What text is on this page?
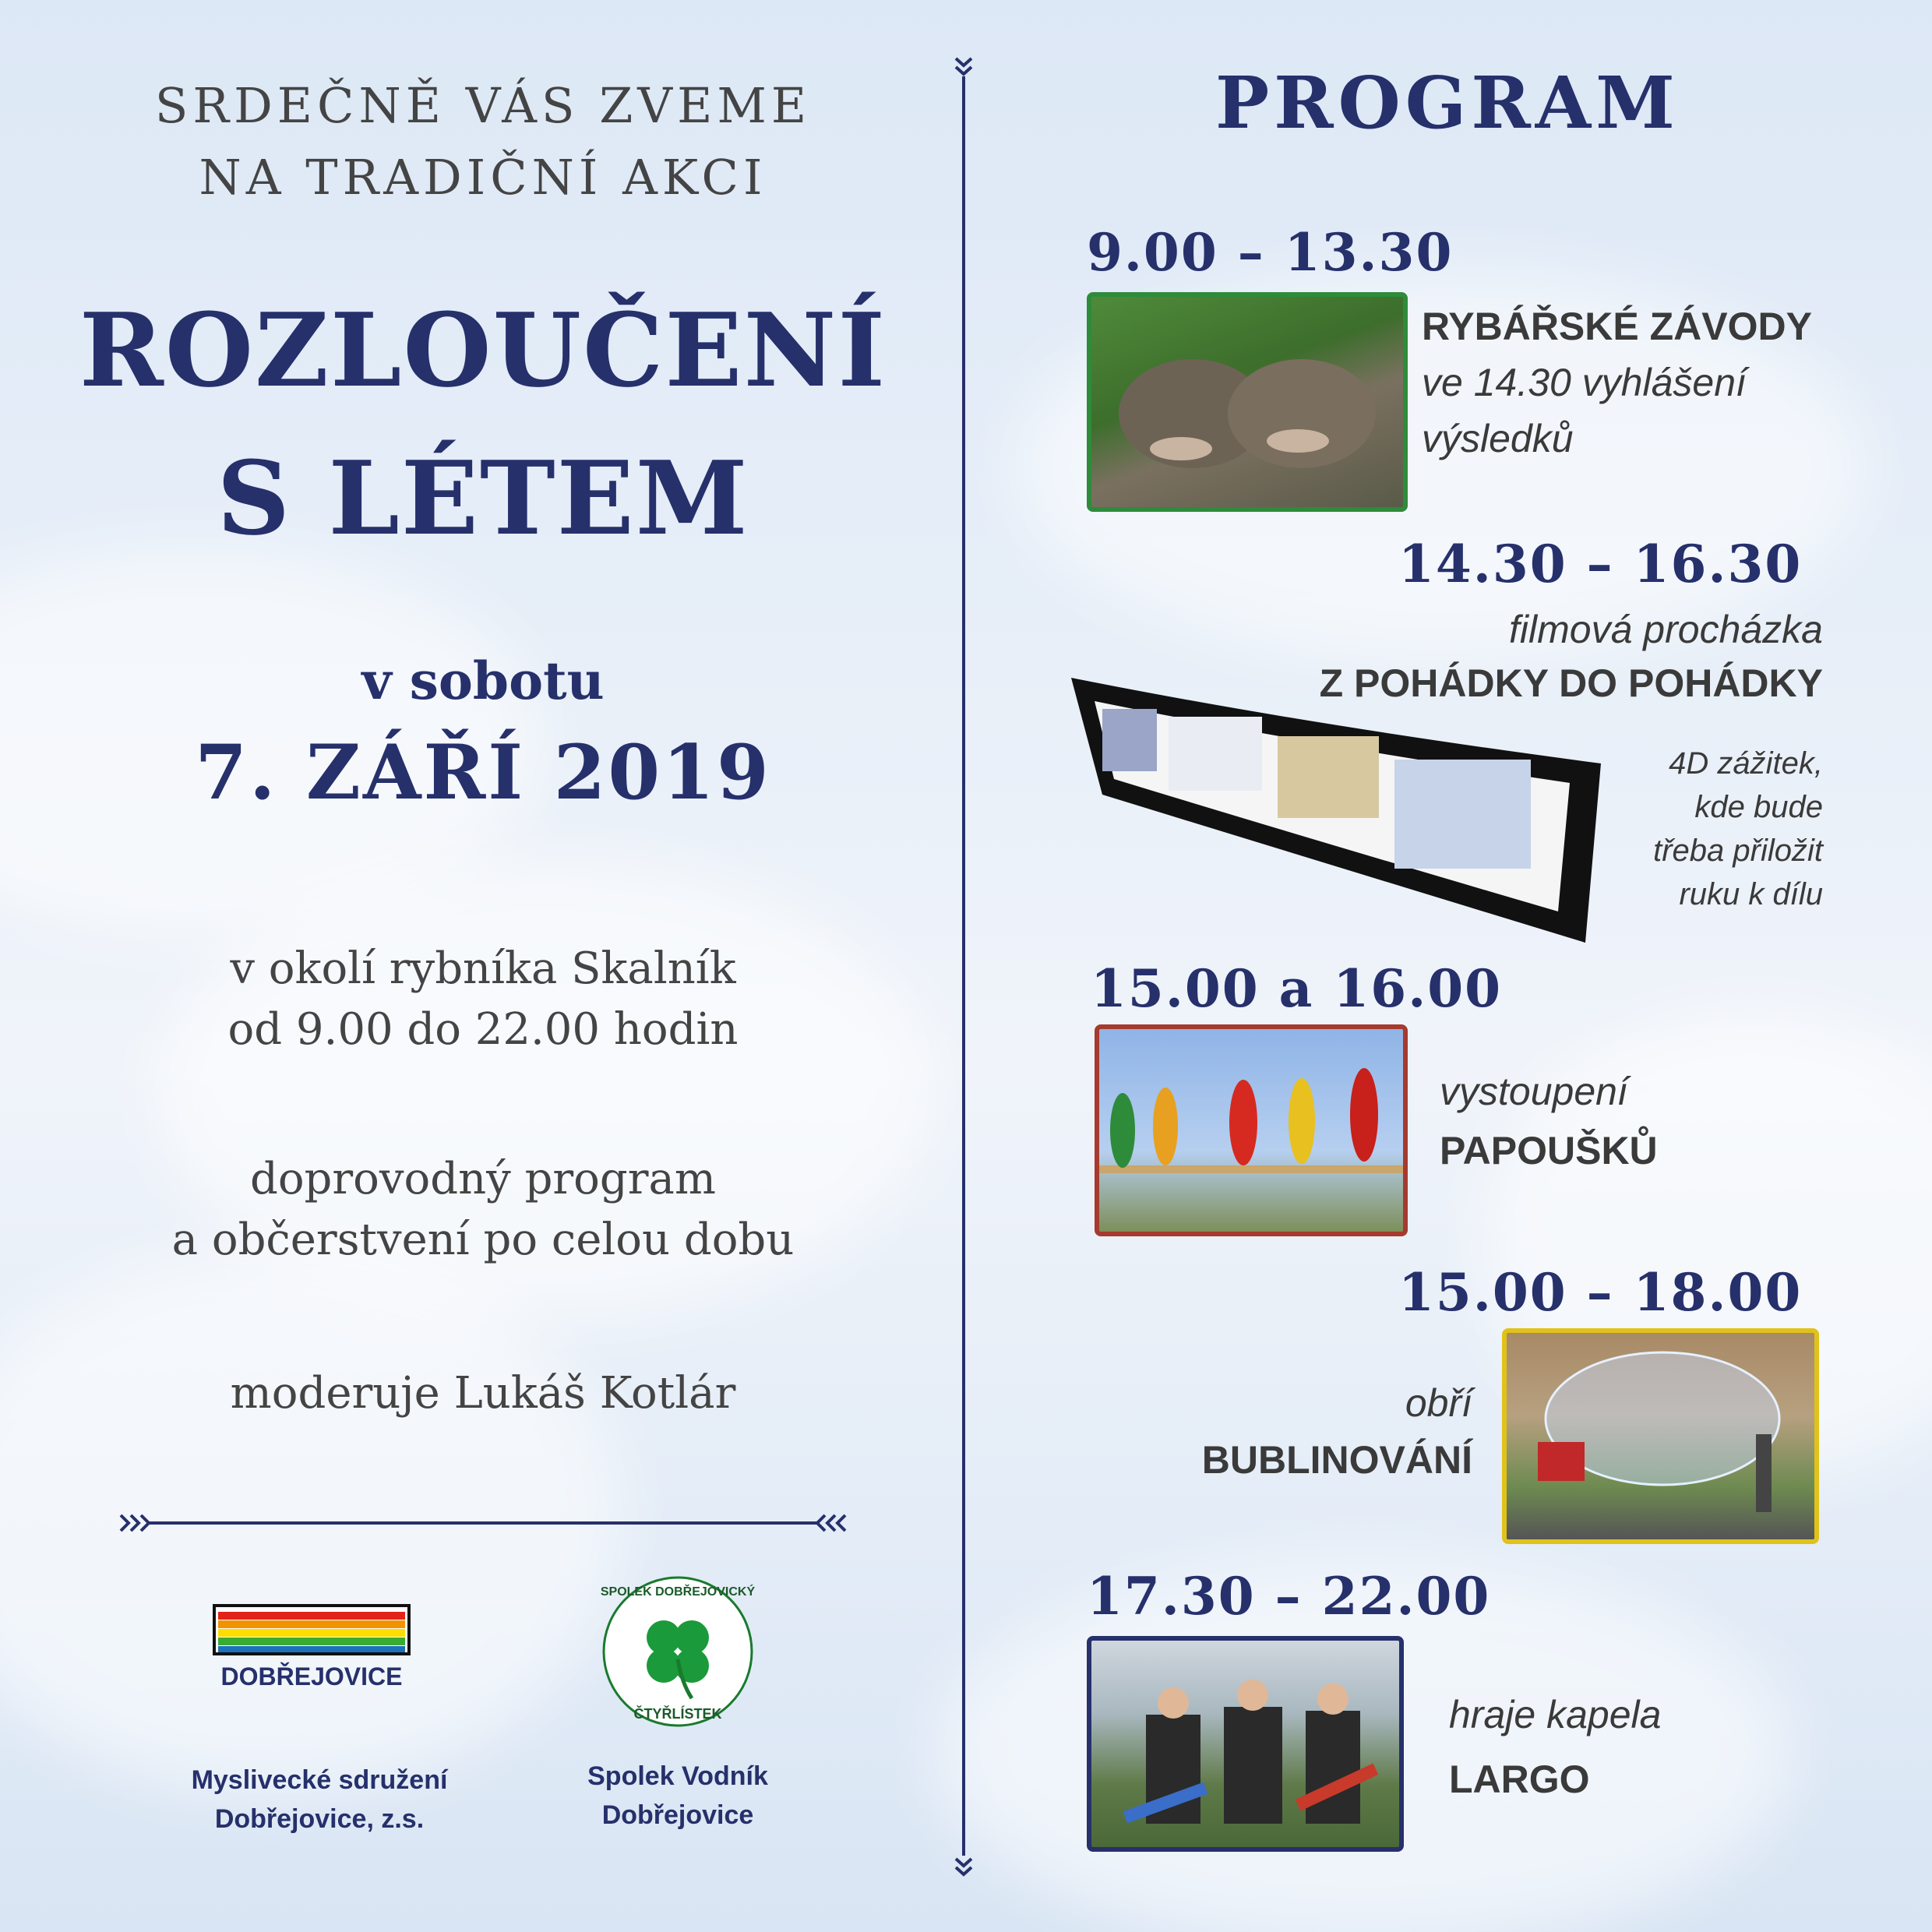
SRDEČNĚ VÁS ZVEME
NA TRADIČNÍ AKCI
ROZLOUČENÍ
S LÉTEM
v sobotu
7. ZÁŘÍ 2019
v okolí rybníka Skalník
od 9.00 do 22.00 hodin
doprovodný program
a občerstvení po celou dobu
moderuje Lukáš Kotlár
DOBŘEJOVICE
SPOLEK DOBŘEJOVICKÝ
ČTYŘLÍSTEK
Myslivecké sdružení
Dobřejovice, z.s.
Spolek Vodník
Dobřejovice
PROGRAM
9.00 – 13.30
RYBÁŘSKÉ ZÁVODY
ve 14.30 vyhlášení
výsledků
14.30 – 16.30
filmová procházka
Z POHÁDKY DO POHÁDKY
4D zážitek,
kde bude
třeba přiložit
ruku k dílu
15.00 a 16.00
vystoupení
PAPOUŠKŮ
15.00 – 18.00
obří
BUBLINOVÁNÍ
17.30 – 22.00
hraje kapela
LARGO
